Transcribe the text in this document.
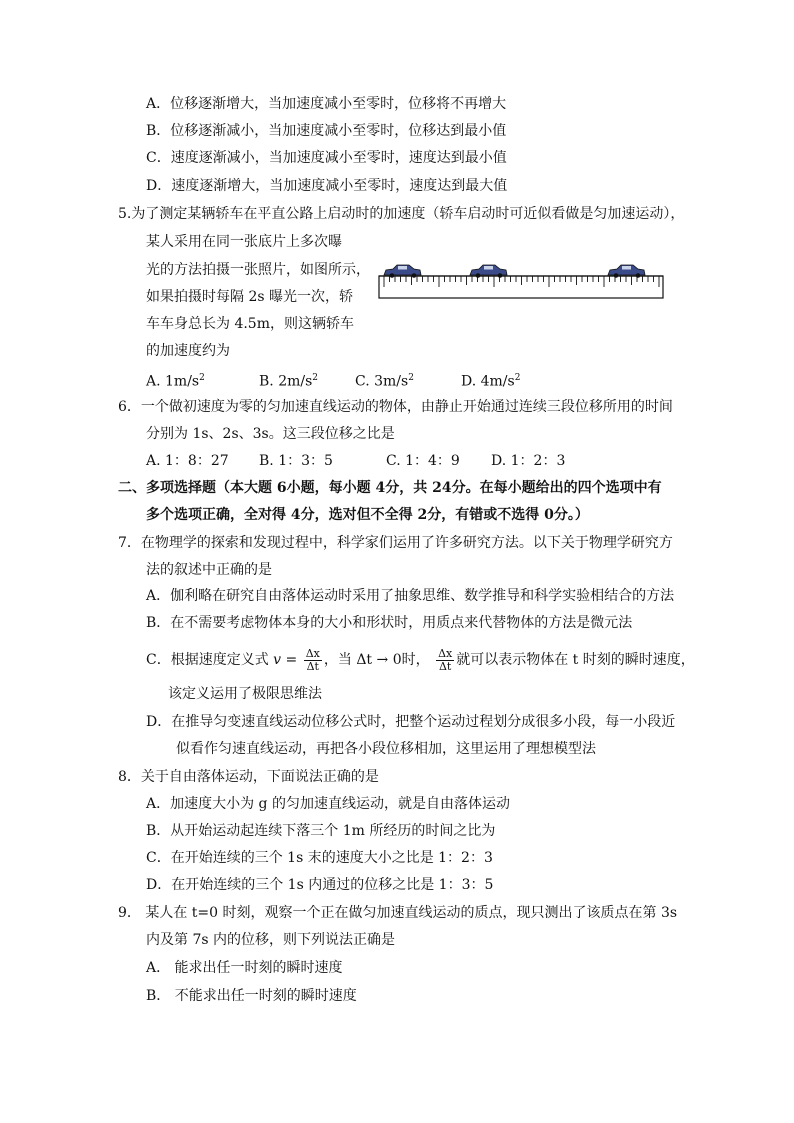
A．位移逐渐增大，当加速度减小至零时，位移将不再增大
B．位移逐渐减小，当加速度减小至零时，位移达到最小值
C．速度逐渐减小，当加速度减小至零时，速度达到最小值
D．速度逐渐增大，当加速度减小至零时，速度达到最大值
5.为了测定某辆轿车在平直公路上启动时的加速度（轿车启动时可近似看做是匀加速运动），
某人采用在同一张底片上多次曝
光的方法拍摄一张照片，如图所示，
如果拍摄时每隔 2s 曝光一次，轿
车车身总长为 4.5m，则这辆轿车
的加速度约为
A. $1m/s^2$	B. $2m/s^2$	C. $3m/s^2$	D. $4m/s^2$
6．一个做初速度为零的匀加速直线运动的物体，由静止开始通过连续三段位移所用的时间
分别为 1s、2s、3s。这三段位移之比是
A. 1：8：27 B. 1：3：5	C. 1：4：9 D. 1：2：3
二、多项选择题（本大题 6小题，每小题 4分，共 24分。在每小题给出的四个选项中有
多个选项正确，全对得 4分，选对但不全得 2分，有错或不选得 0分。）
7．在物理学的探索和发现过程中，科学家们运用了许多研究方法。以下关于物理学研究方
法的叙述中正确的是
A．伽利略在研究自由落体运动时采用了抽象思维、数学推导和科学实验相结合的方法
B．在不需要考虑物体本身的大小和形状时，用质点来代替物体的方法是微元法
C．根据速度定义式 $v = \frac{\Delta x}{\Delta t}$ ，当 Δt → 0时， $\frac{\Delta x}{\Delta t}$ 就可以表示物体在 t 时刻的瞬时速度，
该定义运用了极限思维法
D．在推导匀变速直线运动位移公式时，把整个运动过程划分成很多小段，每一小段近
似看作匀速直线运动，再把各小段位移相加，这里运用了理想模型法
8．关于自由落体运动，下面说法正确的是
A．加速度大小为 g 的匀加速直线运动，就是自由落体运动
B．从开始运动起连续下落三个 1m 所经历的时间之比为
C．在开始连续的三个 1s 末的速度大小之比是 1：2：3
D．在开始连续的三个 1s 内通过的位移之比是 1：3：5
9． 某人在 t=0 时刻，观察一个正在做匀加速直线运动的质点，现只测出了该质点在第 3s
内及第 7s 内的位移，则下列说法正确是
A． 能求出任一时刻的瞬时速度
B． 不能求出任一时刻的瞬时速度
